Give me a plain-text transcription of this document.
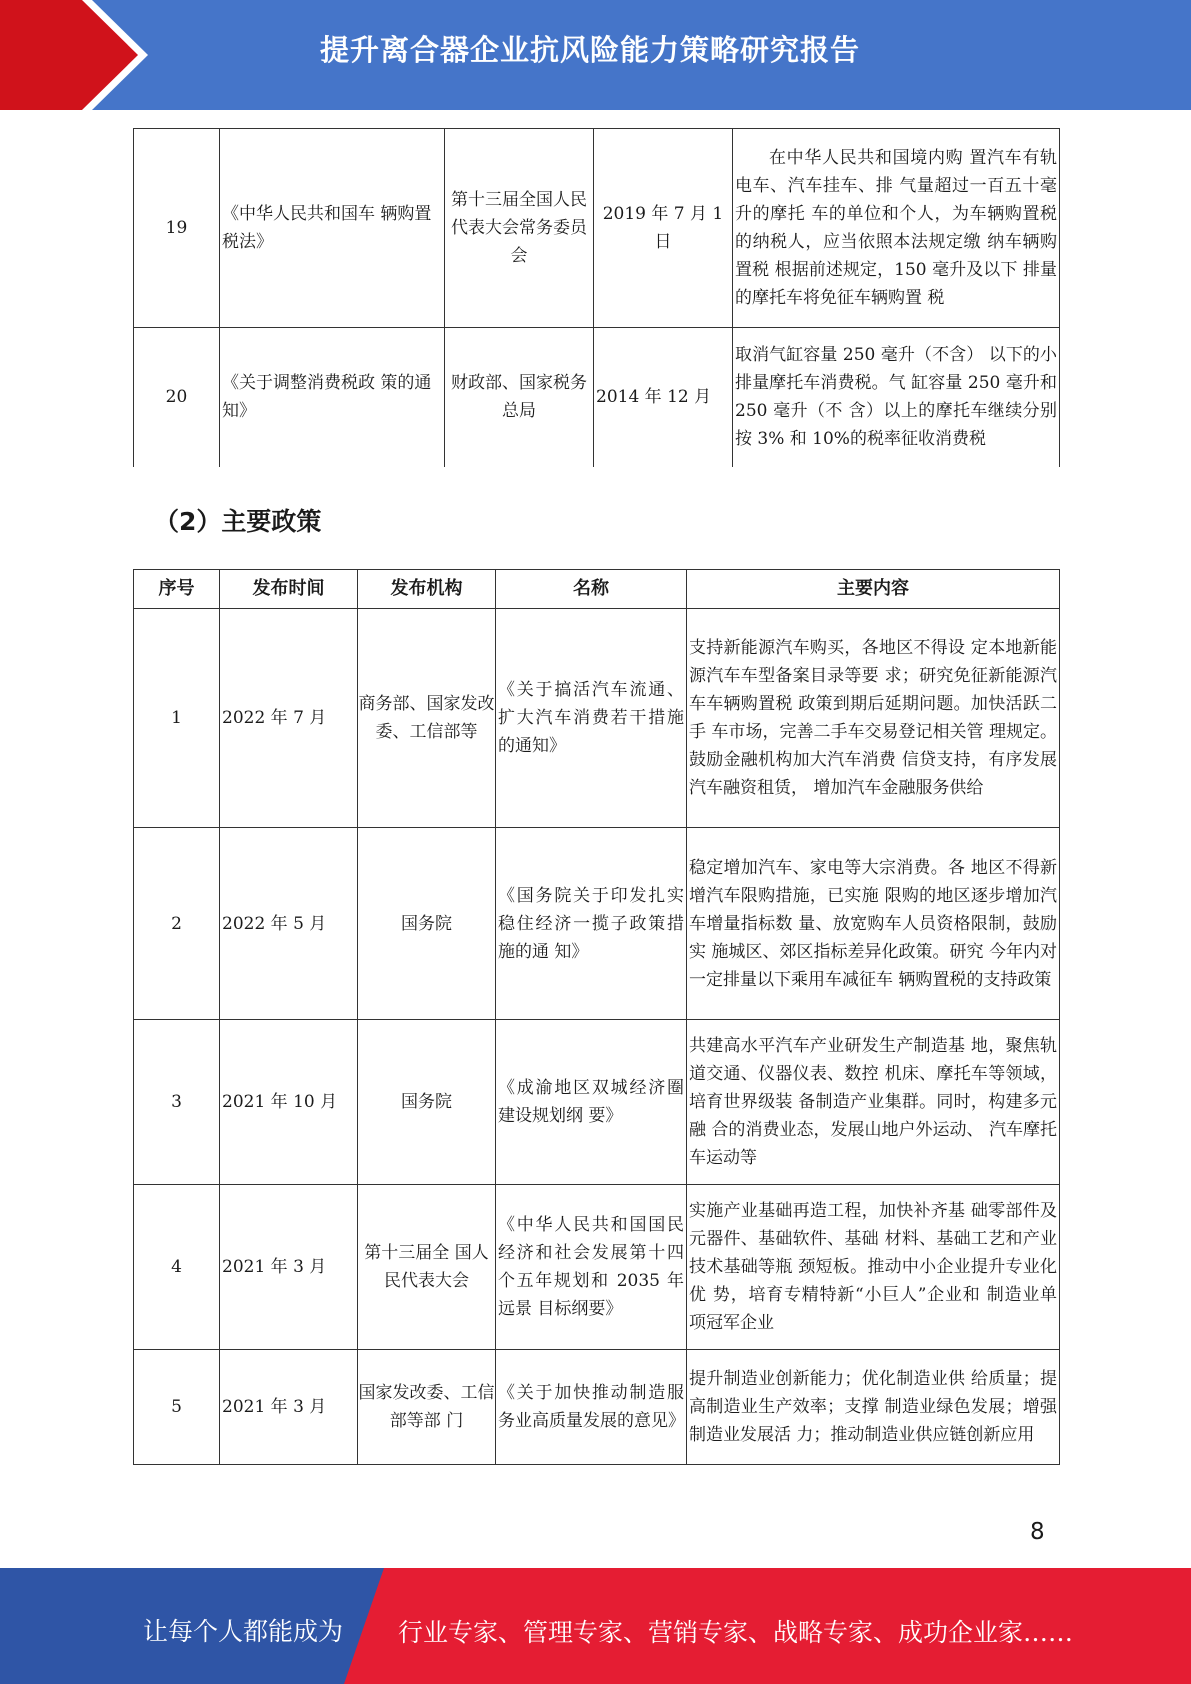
提升离合器企业抗风险能力策略研究报告
19	《中华人民共和国车 辆购置税法》	第十三届全国人民代表大会常务委员会	2019 年 7 月 1 日	在中华人民共和国境内购 置汽车有轨电车、汽车挂车、排 气量超过一百五十毫升的摩托 车的单位和个人，为车辆购置税 的纳税人，应当依照本法规定缴 纳车辆购置税 根据前述规定，150 毫升及以下 排量的摩托车将免征车辆购置 税
20	《关于调整消费税政 策的通知》	财政部、国家税务总局	2014 年 12 月	取消气缸容量 250 毫升（不含） 以下的小排量摩托车消费税。气 缸容量 250 毫升和 250 毫升（不 含）以上的摩托车继续分别按 3% 和 10%的税率征收消费税
（2）主要政策
序号	发布时间	发布机构	名称	主要内容
1	2022 年 7 月	商务部、国家发改委、工信部等	《关于搞活汽车流通、扩大汽车消费若干措施的通知》	支持新能源汽车购买，各地区不得设 定本地新能源汽车车型备案目录等要 求；研究免征新能源汽车车辆购置税 政策到期后延期问题。加快活跃二手 车市场，完善二手车交易登记相关管 理规定。鼓励金融机构加大汽车消费 信贷支持，有序发展汽车融资租赁， 增加汽车金融服务供给
2	2022 年 5 月	国务院	《国务院关于印发扎实稳住经济一揽子政策措施的通 知》	稳定增加汽车、家电等大宗消费。各 地区不得新增汽车限购措施，已实施 限购的地区逐步增加汽车增量指标数 量、放宽购车人员资格限制，鼓励实 施城区、郊区指标差异化政策。研究 今年内对一定排量以下乘用车减征车 辆购置税的支持政策
3	2021 年 10 月	国务院	《成渝地区双城经济圈建设规划纲 要》	共建高水平汽车产业研发生产制造基 地，聚焦轨道交通、仪器仪表、数控 机床、摩托车等领域，培育世界级装 备制造产业集群。同时，构建多元融 合的消费业态，发展山地户外运动、 汽车摩托车运动等
4	2021 年 3 月	第十三届全 国人民代表大会	《中华人民共和国国民经济和社会发展第十四个五年规划和 2035 年远景 目标纲要》	实施产业基础再造工程，加快补齐基 础零部件及元器件、基础软件、基础 材料、基础工艺和产业技术基础等瓶 颈短板。推动中小企业提升专业化优 势，培育专精特新“小巨人”企业和 制造业单项冠军企业
5	2021 年 3 月	国家发改委、工信部等部 门	《关于加快推动制造服务业高质量发展的意见》	提升制造业创新能力；优化制造业供 给质量；提高制造业生产效率；支撑 制造业绿色发展；增强制造业发展活 力；推动制造业供应链创新应用
8
让每个人都能成为 行业专家、管理专家、营销专家、战略专家、成功企业家……
